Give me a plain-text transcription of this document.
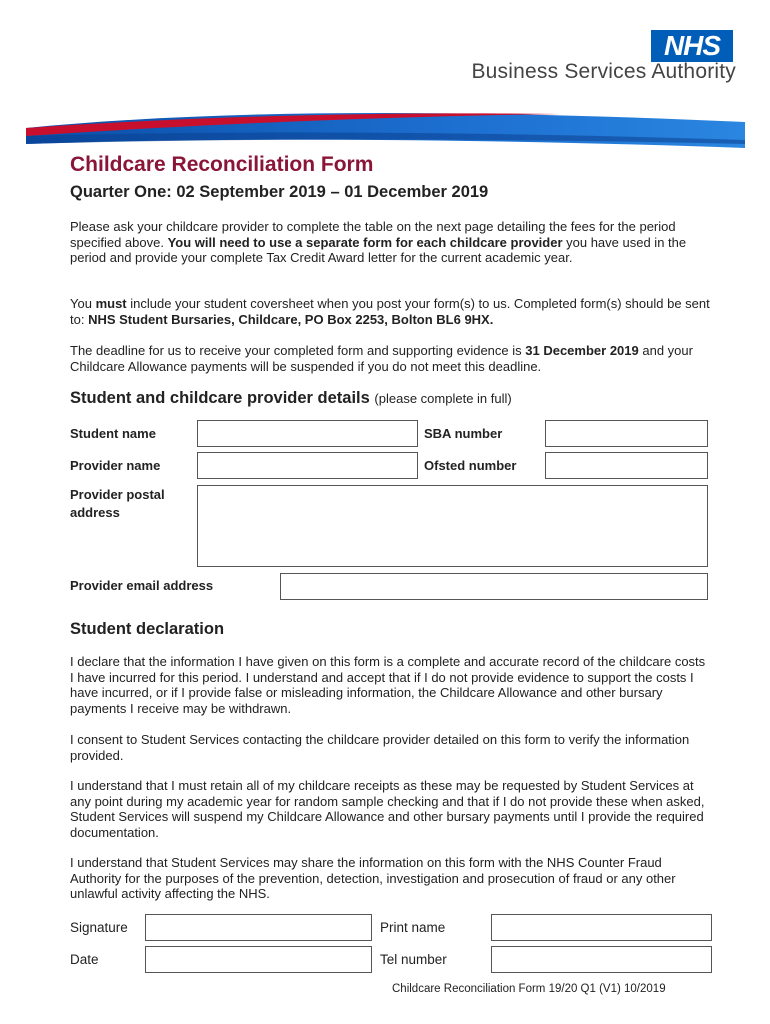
NHS
Business Services Authority
Childcare Reconciliation Form
Quarter One: 02 September 2019 – 01 December 2019
Please ask your childcare provider to complete the table on the next page detailing the fees for the period specified above. You will need to use a separate form for each childcare provider you have used in the period and provide your complete Tax Credit Award letter for the current academic year.
You must include your student coversheet when you post your form(s) to us. Completed form(s) should be sent to: NHS Student Bursaries, Childcare, PO Box 2253, Bolton BL6 9HX.
The deadline for us to receive your completed form and supporting evidence is 31 December 2019 and your Childcare Allowance payments will be suspended if you do not meet this deadline.
Student and childcare provider details (please complete in full)
Student name	SBA number
Provider name	Ofsted number
Provider postal address
Provider email address
Student declaration
I declare that the information I have given on this form is a complete and accurate record of the childcare costs I have incurred for this period. I understand and accept that if I do not provide evidence to support the costs I have incurred, or if I provide false or misleading information, the Childcare Allowance and other bursary payments I receive may be withdrawn.
I consent to Student Services contacting the childcare provider detailed on this form to verify the information provided.
I understand that I must retain all of my childcare receipts as these may be requested by Student Services at any point during my academic year for random sample checking and that if I do not provide these when asked, Student Services will suspend my Childcare Allowance and other bursary payments until I provide the required documentation.
I understand that Student Services may share the information on this form with the NHS Counter Fraud Authority for the purposes of the prevention, detection, investigation and prosecution of fraud or any other unlawful activity affecting the NHS.
Signature	Print name
Date	Tel number
Childcare Reconciliation Form 19/20 Q1 (V1) 10/2019
